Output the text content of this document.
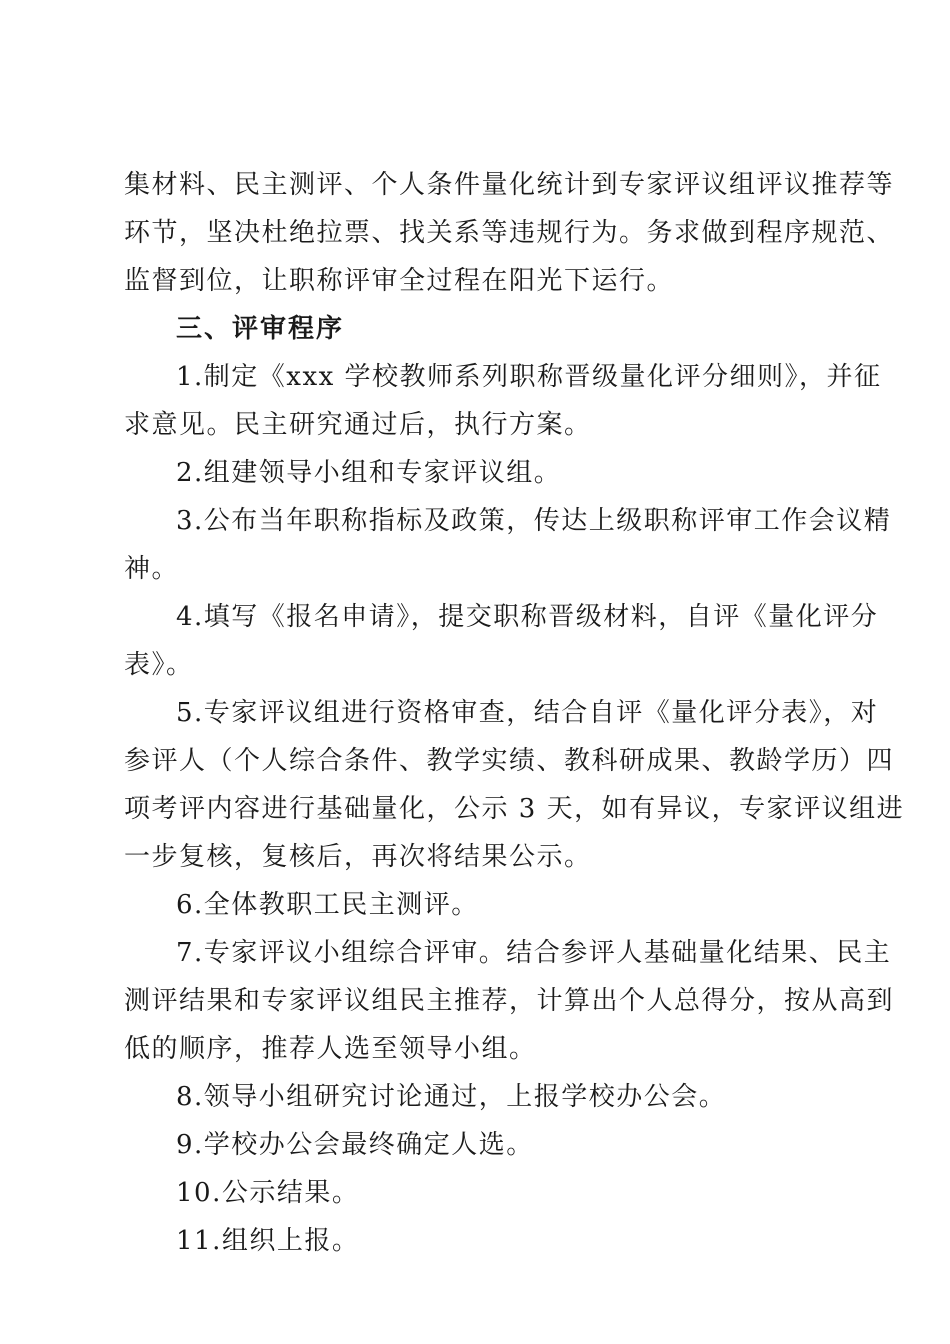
集材料、民主测评、个人条件量化统计到专家评议组评议推荐等
环节，坚决杜绝拉票、找关系等违规行为。务求做到程序规范、
监督到位，让职称评审全过程在阳光下运行。
三、评审程序
1.制定《xxx 学校教师系列职称晋级量化评分细则》，并征
求意见。民主研究通过后，执行方案。
2.组建领导小组和专家评议组。
3.公布当年职称指标及政策，传达上级职称评审工作会议精
神。
4.填写《报名申请》，提交职称晋级材料，自评《量化评分
表》。
5.专家评议组进行资格审查，结合自评《量化评分表》，对
参评人（个人综合条件、教学实绩、教科研成果、教龄学历）四
项考评内容进行基础量化，公示 3 天，如有异议，专家评议组进
一步复核，复核后，再次将结果公示。
6.全体教职工民主测评。
7.专家评议小组综合评审。结合参评人基础量化结果、民主
测评结果和专家评议组民主推荐，计算出个人总得分，按从高到
低的顺序，推荐人选至领导小组。
8.领导小组研究讨论通过，上报学校办公会。
9.学校办公会最终确定人选。
10.公示结果。
11.组织上报。
